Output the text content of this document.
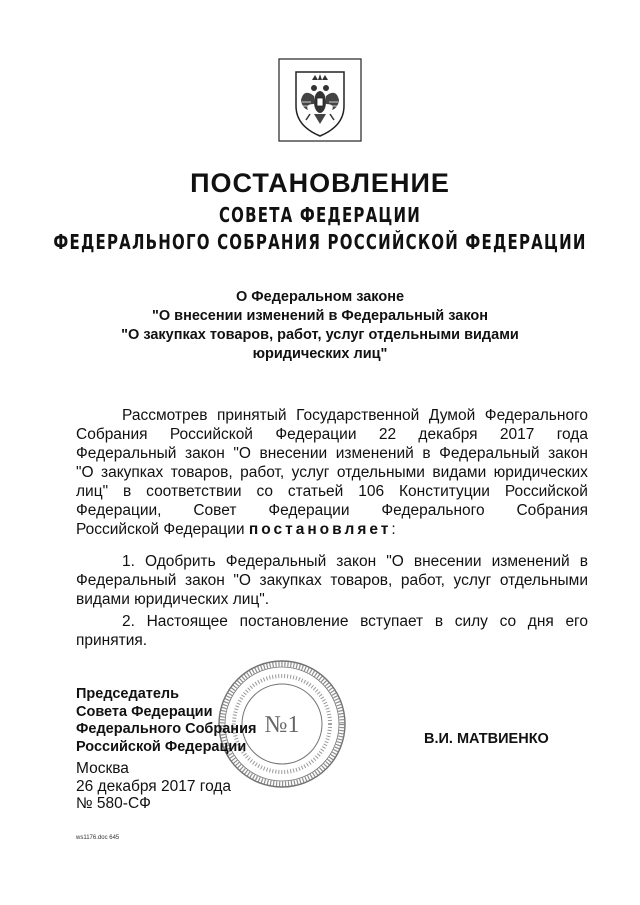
ПОСТАНОВЛЕНИЕ
СОВЕТА ФЕДЕРАЦИИ
ФЕДЕРАЛЬНОГО СОБРАНИЯ РОССИЙСКОЙ ФЕДЕРАЦИИ
О Федеральном законе
"О внесении изменений в Федеральный закон
"О закупках товаров, работ, услуг отдельными видами
юридических лиц"
Рассмотрев принятый Государственной Думой Федерального
Собрания Российской Федерации 22 декабря 2017 года
Федеральный закон "О внесении изменений в Федеральный закон
"О закупках товаров, работ, услуг отдельными видами юридических
лиц" в соответствии со статьей 106 Конституции Российской
Федерации, Совет Федерации Федерального Собрания
Российской Федерации постановляет:
1. Одобрить Федеральный закон "О внесении изменений в
Федеральный закон "О закупках товаров, работ, услуг отдельными
видами юридических лиц".
2. Настоящее постановление вступает в силу со дня его
принятия.
№1
Председатель
Совета Федерации
Федерального Собрания
Российской Федерации	В.И. МАТВИЕНКО
Москва
26 декабря 2017 года
№ 580-СФ
ws1176.doc 645
